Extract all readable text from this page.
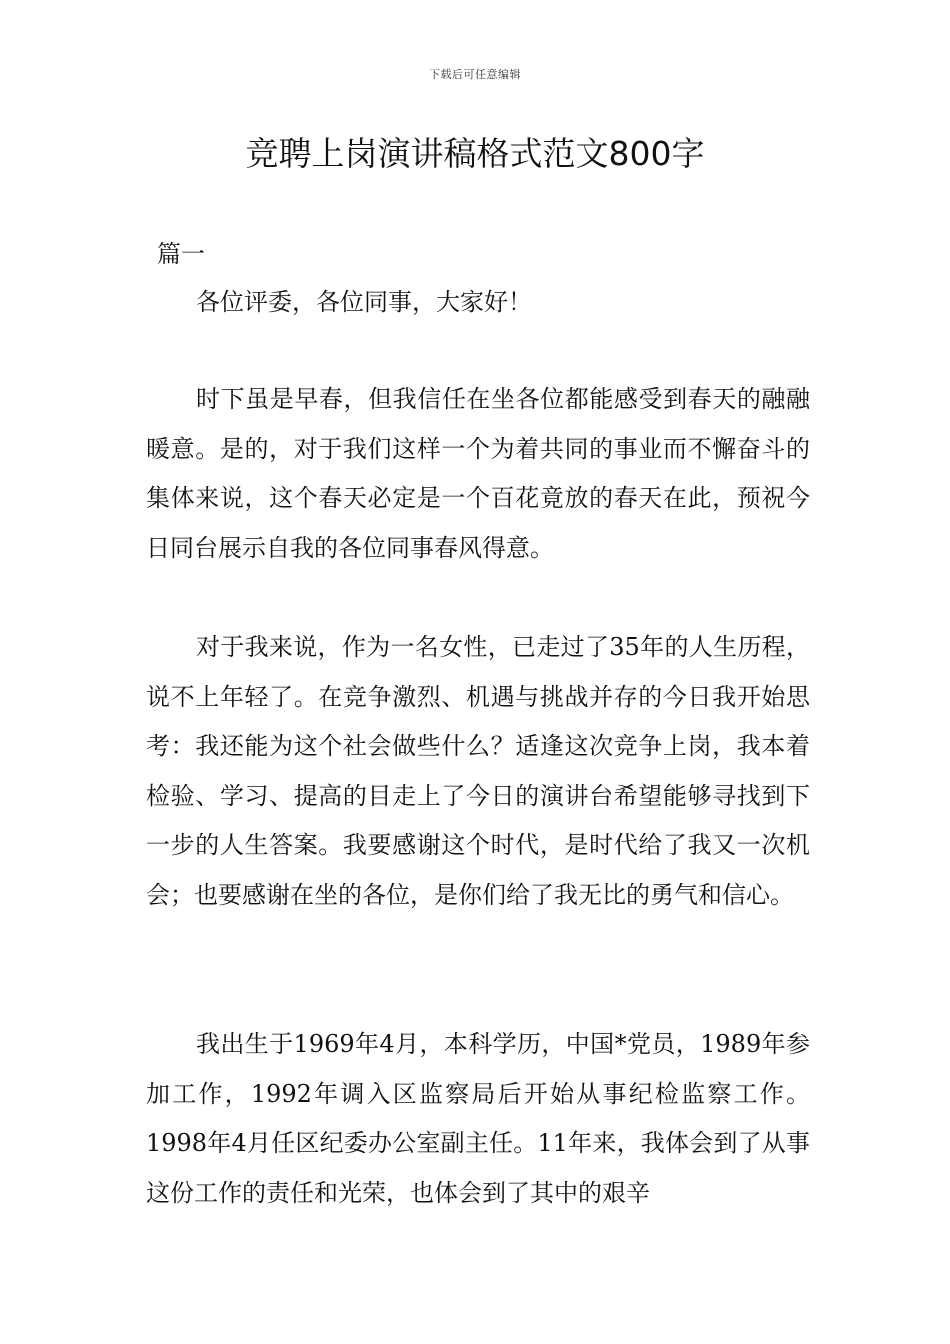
下载后可任意编辑
竞聘上岗演讲稿格式范文800字
篇一

各位评委，各位同事，大家好！

时下虽是早春，但我信任在坐各位都能感受到春天的融融暖意。是的，对于我们这样一个为着共同的事业而不懈奋斗的集体来说，这个春天必定是一个百花竟放的春天在此，预祝今日同台展示自我的各位同事春风得意。

对于我来说，作为一名女性，已走过了35年的人生历程，说不上年轻了。在竞争激烈、机遇与挑战并存的今日我开始思考：我还能为这个社会做些什么？适逢这次竞争上岗，我本着检验、学习、提高的目走上了今日的演讲台希望能够寻找到下一步的人生答案。我要感谢这个时代，是时代给了我又一次机会；也要感谢在坐的各位，是你们给了我无比的勇气和信心。

我出生于1969年4月，本科学历，中国*党员，1989年参加工作，1992年调入区监察局后开始从事纪检监察工作。1998年4月任区纪委办公室副主任。11年来，我体会到了从事这份工作的责任和光荣，也体会到了其中的艰辛
